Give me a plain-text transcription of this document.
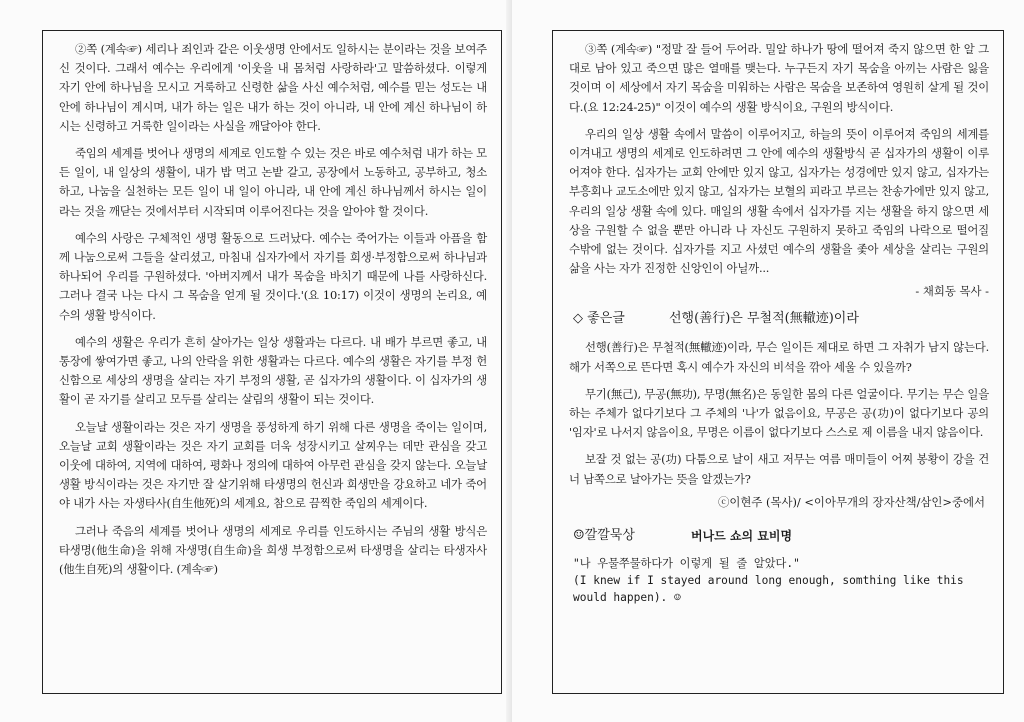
②쪽 (계속☞) 세리나 죄인과 같은 이웃생명 안에서도 일하시는 분이라는 것을 보여주신 것이다. 그래서 예수는 우리에게 '이웃을 내 몸처럼 사랑하라'고 말씀하셨다. 이렇게 자기 안에 하나님을 모시고 거룩하고 신령한 삶을 사신 예수처럼, 예수를 믿는 성도는 내 안에 하나님이 계시며, 내가 하는 일은 내가 하는 것이 아니라, 내 안에 계신 하나님이 하시는 신령하고 거룩한 일이라는 사실을 깨달아야 한다.

죽임의 세계를 벗어나 생명의 세계로 인도할 수 있는 것은 바로 예수처럼 내가 하는 모든 일이, 내 일상의 생활이, 내가 밥 먹고 논밭 갈고, 공장에서 노동하고, 공부하고, 청소하고, 나눔을 실천하는 모든 일이 내 일이 아니라, 내 안에 계신 하나님께서 하시는 일이라는 것을 깨닫는 것에서부터 시작되며 이루어진다는 것을 알아야 할 것이다.

예수의 사랑은 구체적인 생명 활동으로 드러났다. 예수는 죽어가는 이들과 아픔을 함께 나눔으로써 그들을 살리셨고, 마침내 십자가에서 자기를 희생·부정함으로써 하나님과 하나되어 우리를 구원하셨다. '아버지께서 내가 목숨을 바치기 때문에 나를 사랑하신다. 그러나 결국 나는 다시 그 목숨을 얻게 될 것이다.'(요 10:17) 이것이 생명의 논리요, 예수의 생활 방식이다.

예수의 생활은 우리가 흔히 살아가는 일상 생활과는 다르다. 내 배가 부르면 좋고, 내 통장에 쌓여가면 좋고, 나의 안락을 위한 생활과는 다르다. 예수의 생활은 자기를 부정 헌신함으로 세상의 생명을 살리는 자기 부정의 생활, 곧 십자가의 생활이다. 이 십자가의 생활이 곧 자기를 살리고 모두를 살리는 살림의 생활이 되는 것이다.

오늘날 생활이라는 것은 자기 생명을 풍성하게 하기 위해 다른 생명을 죽이는 일이며, 오늘날 교회 생활이라는 것은 자기 교회를 더욱 성장시키고 살찌우는 데만 관심을 갖고 이웃에 대하여, 지역에 대하여, 평화나 정의에 대하여 아무런 관심을 갖지 않는다. 오늘날 생활 방식이라는 것은 자기만 잘 살기위해 타생명의 헌신과 희생만을 강요하고 네가 죽어야 내가 사는 자생타사(自生他死)의 세계요, 참으로 끔찍한 죽임의 세계이다.

그러나 죽음의 세계를 벗어나 생명의 세계로 우리를 인도하시는 주님의 생활 방식은 타생명(他生命)을 위해 자생명(自生命)을 희생 부정함으로써 타생명을 살리는 타생자사(他生自死)의 생활이다. (계속☞)

③쪽 (계속☞) "정말 잘 들어 두어라. 밀알 하나가 땅에 떨어져 죽지 않으면 한 알 그대로 남아 있고 죽으면 많은 열매를 맺는다. 누구든지 자기 목숨을 아끼는 사람은 잃을 것이며 이 세상에서 자기 목숨을 미워하는 사람은 목숨을 보존하여 영원히 살게 될 것이다.(요 12:24-25)" 이것이 예수의 생활 방식이요, 구원의 방식이다.

우리의 일상 생활 속에서 말씀이 이루어지고, 하늘의 뜻이 이루어져 죽임의 세계를 이겨내고 생명의 세계로 인도하려면 그 안에 예수의 생활방식 곧 십자가의 생활이 이루어져야 한다. 십자가는 교회 안에만 있지 않고, 십자가는 성경에만 있지 않고, 십자가는 부흥회나 교도소에만 있지 않고, 십자가는 보혈의 피라고 부르는 찬송가에만 있지 않고, 우리의 일상 생활 속에 있다. 매일의 생활 속에서 십자가를 지는 생활을 하지 않으면 세상을 구원할 수 없을 뿐만 아니라 나 자신도 구원하지 못하고 죽임의 나락으로 떨어질 수밖에 없는 것이다. 십자가를 지고 사셨던 예수의 생활을 좇아 세상을 살리는 구원의 삶을 사는 자가 진정한 신앙인이 아닐까...

- 채희동 목사 -
◇ 좋은글	선행(善行)은 무철적(無轍迹)이라

선행(善行)은 무철적(無轍迹)이라, 무슨 일이든 제대로 하면 그 자취가 남지 않는다. 해가 서쪽으로 뜬다면 혹시 예수가 자신의 비석을 깎아 세울 수 있을까?

무기(無己), 무공(無功), 무명(無名)은 동일한 몸의 다른 얼굴이다. 무기는 무슨 일을 하는 주체가 없다기보다 그 주체의 '나'가 없음이요, 무공은 공(功)이 없다기보다 공의 '임자'로 나서지 않음이요, 무명은 이름이 없다기보다 스스로 제 이름을 내지 않음이다.

보잘 것 없는 공(功) 다툼으로 날이 새고 저무는 여름 매미들이 어찌 봉황이 강을 건너 남쪽으로 날아가는 뜻을 알겠는가?

ⓒ이현주 (목사)/ <이아무개의 장자산책/삼인>중에서
☺깔깔묵상	버나드 쇼의 묘비명
"나 우물쭈물하다가 이렇게 될 줄 알았다."
(I knew if I stayed around long enough, somthing like this would happen). ☺
